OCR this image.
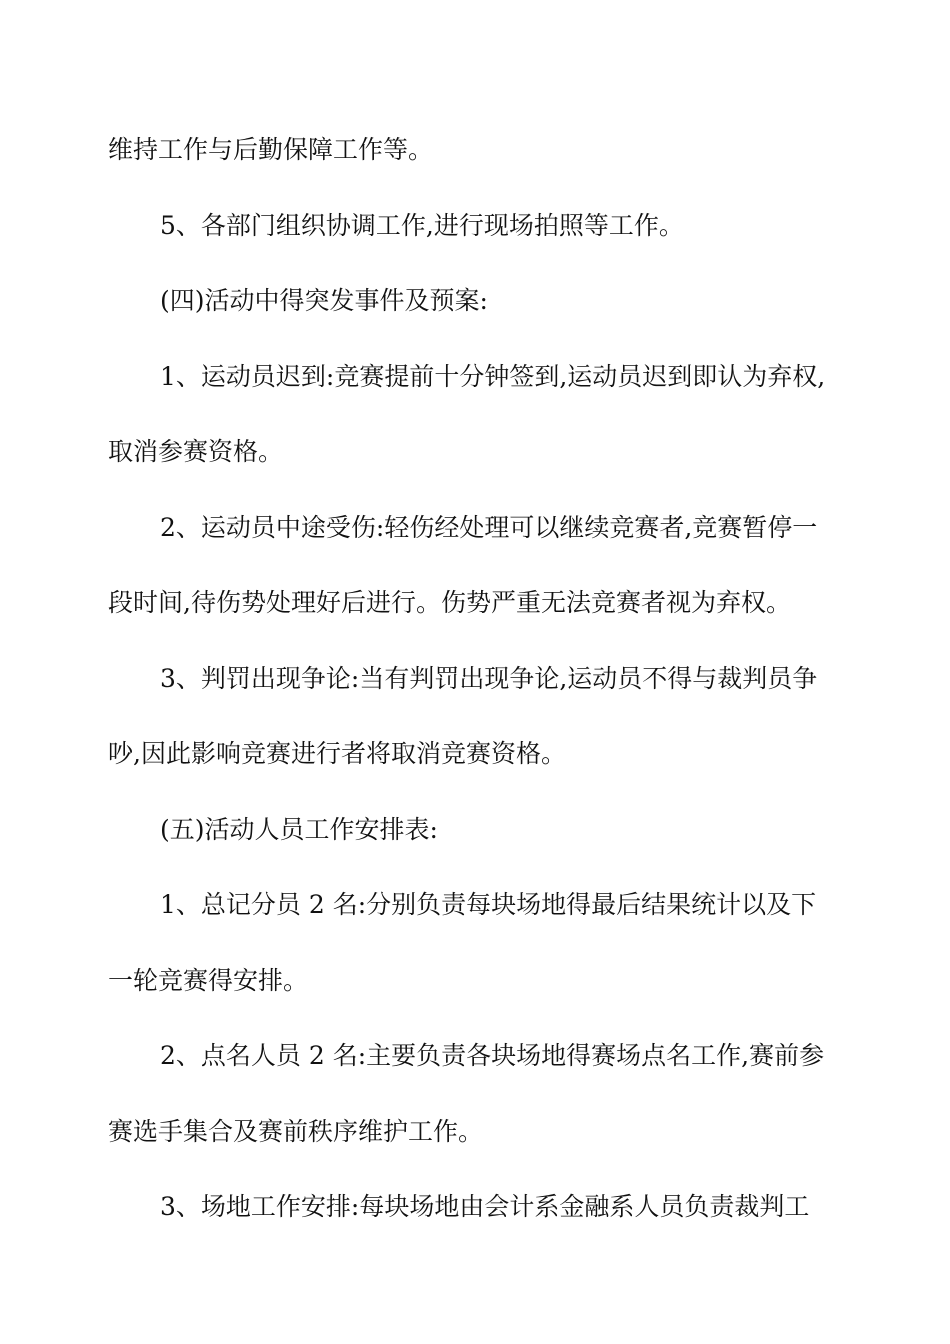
维持工作与后勤保障工作等。
5、各部门组织协调工作,进行现场拍照等工作。
(四)活动中得突发事件及预案:
1、运动员迟到:竞赛提前十分钟签到,运动员迟到即认为弃权,
取消参赛资格。
2、运动员中途受伤:轻伤经处理可以继续竞赛者,竞赛暂停一
段时间,待伤势处理好后进行。伤势严重无法竞赛者视为弃权。
3、判罚出现争论:当有判罚出现争论,运动员不得与裁判员争
吵,因此影响竞赛进行者将取消竞赛资格。
(五)活动人员工作安排表:
1、总记分员 2 名:分别负责每块场地得最后结果统计以及下
一轮竞赛得安排。
2、点名人员 2 名:主要负责各块场地得赛场点名工作,赛前参
赛选手集合及赛前秩序维护工作。
3、场地工作安排:每块场地由会计系金融系人员负责裁判工
